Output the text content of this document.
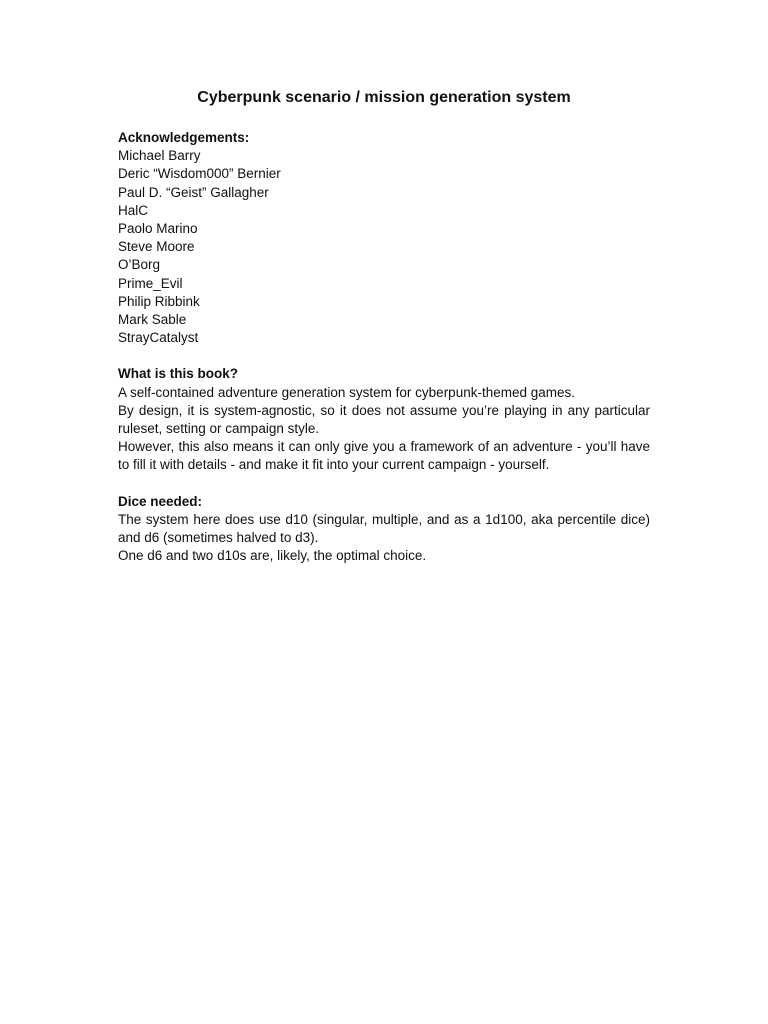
Cyberpunk scenario / mission generation system

Acknowledgements:

Michael Barry
Deric “Wisdom000” Bernier
Paul D. “Geist” Gallagher
HalC
Paolo Marino
Steve Moore
O’Borg
Prime_Evil
Philip Ribbink
Mark Sable
StrayCatalyst

What is this book?

A self-contained adventure generation system for cyberpunk-themed games.

By design, it is system-agnostic, so it does not assume you’re playing in any particular ruleset, setting or campaign style.

However, this also means it can only give you a framework of an adventure - you’ll have to fill it with details - and make it fit into your current campaign - yourself.

Dice needed:

The system here does use d10 (singular, multiple, and as a 1d100, aka percentile dice) and d6 (sometimes halved to d3).

One d6 and two d10s are, likely, the optimal choice.
